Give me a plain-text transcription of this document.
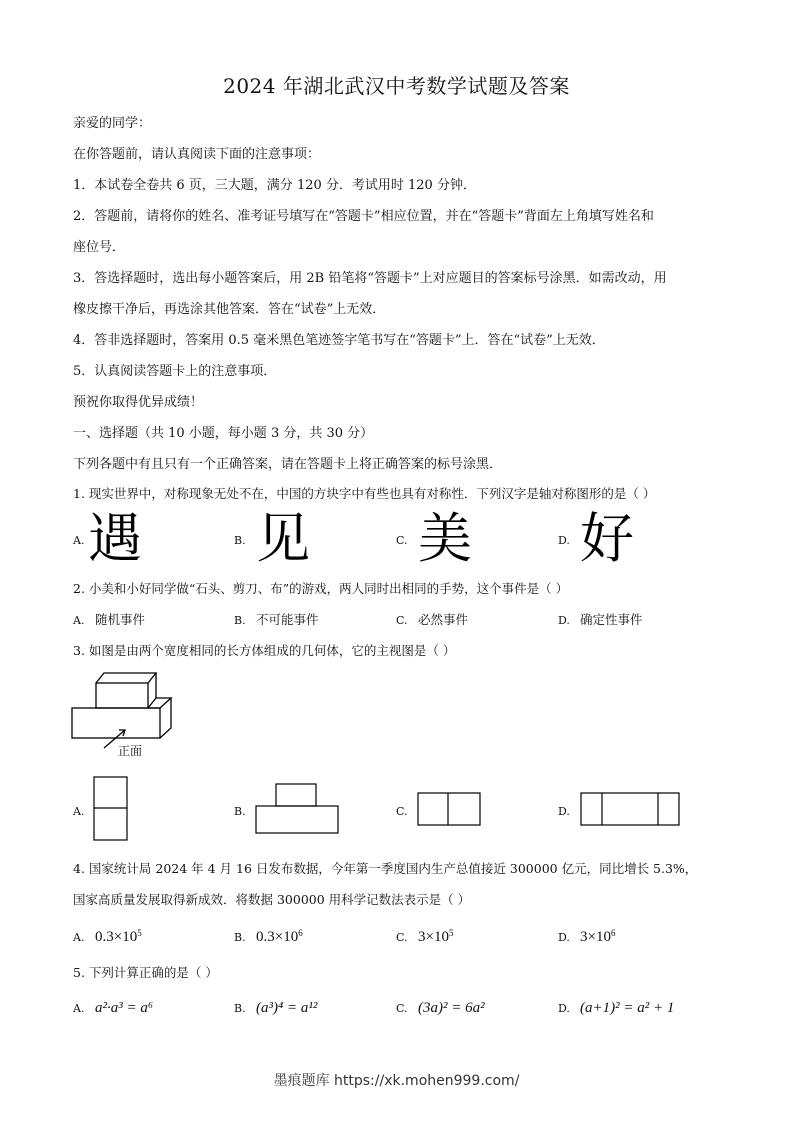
2024 年湖北武汉中考数学试题及答案
亲爱的同学：
在你答题前，请认真阅读下面的注意事项：
1．本试卷全卷共 6 页，三大题，满分 120 分．考试用时 120 分钟．
2．答题前，请将你的姓名、准考证号填写在“答题卡”相应位置，并在“答题卡”背面左上角填写姓名和
座位号．
3．答选择题时，选出每小题答案后，用 2B 铅笔将“答题卡”上对应题目的答案标号涂黑．如需改动，用
橡皮擦干净后，再选涂其他答案．答在“试卷”上无效．
4．答非选择题时，答案用 0.5 毫米黑色笔迹签字笔书写在“答题卡”上．答在“试卷”上无效．
5．认真阅读答题卡上的注意事项．
预祝你取得优异成绩！
一、选择题（共 10 小题，每小题 3 分，共 30 分）
下列各题中有且只有一个正确答案，请在答题卡上将正确答案的标号涂黑．
1. 现实世界中，对称现象无处不在，中国的方块字中有些也具有对称性．下列汉字是轴对称图形的是（ ）
A. 遇	B. 见	C. 美	D. 好
2. 小美和小好同学做“石头、剪刀、布”的游戏，两人同时出相同的手势，这个事件是（ ）
A. 随机事件	B. 不可能事件	C. 必然事件	D. 确定性事件
3. 如图是由两个宽度相同的长方体组成的几何体，它的主视图是（ ）
正面
A.	B.	C.	D.
4. 国家统计局 2024 年 4 月 16 日发布数据，今年第一季度国内生产总值接近 300000 亿元，同比增长 5.3%，
国家高质量发展取得新成效．将数据 300000 用科学记数法表示是（ ）
A. $0.3\times 10^5$	B. $0.3\times 10^6$	C. $3\times 10^5$	D. $3\times 10^6$
5. 下列计算正确的是（ ）
A. a²·a³ = a⁶	B. (a³)⁴ = a¹²	C. (3a)² = 6a²	D. (a+1)² = a² + 1
墨痕题库 https://xk.mohen999.com/
